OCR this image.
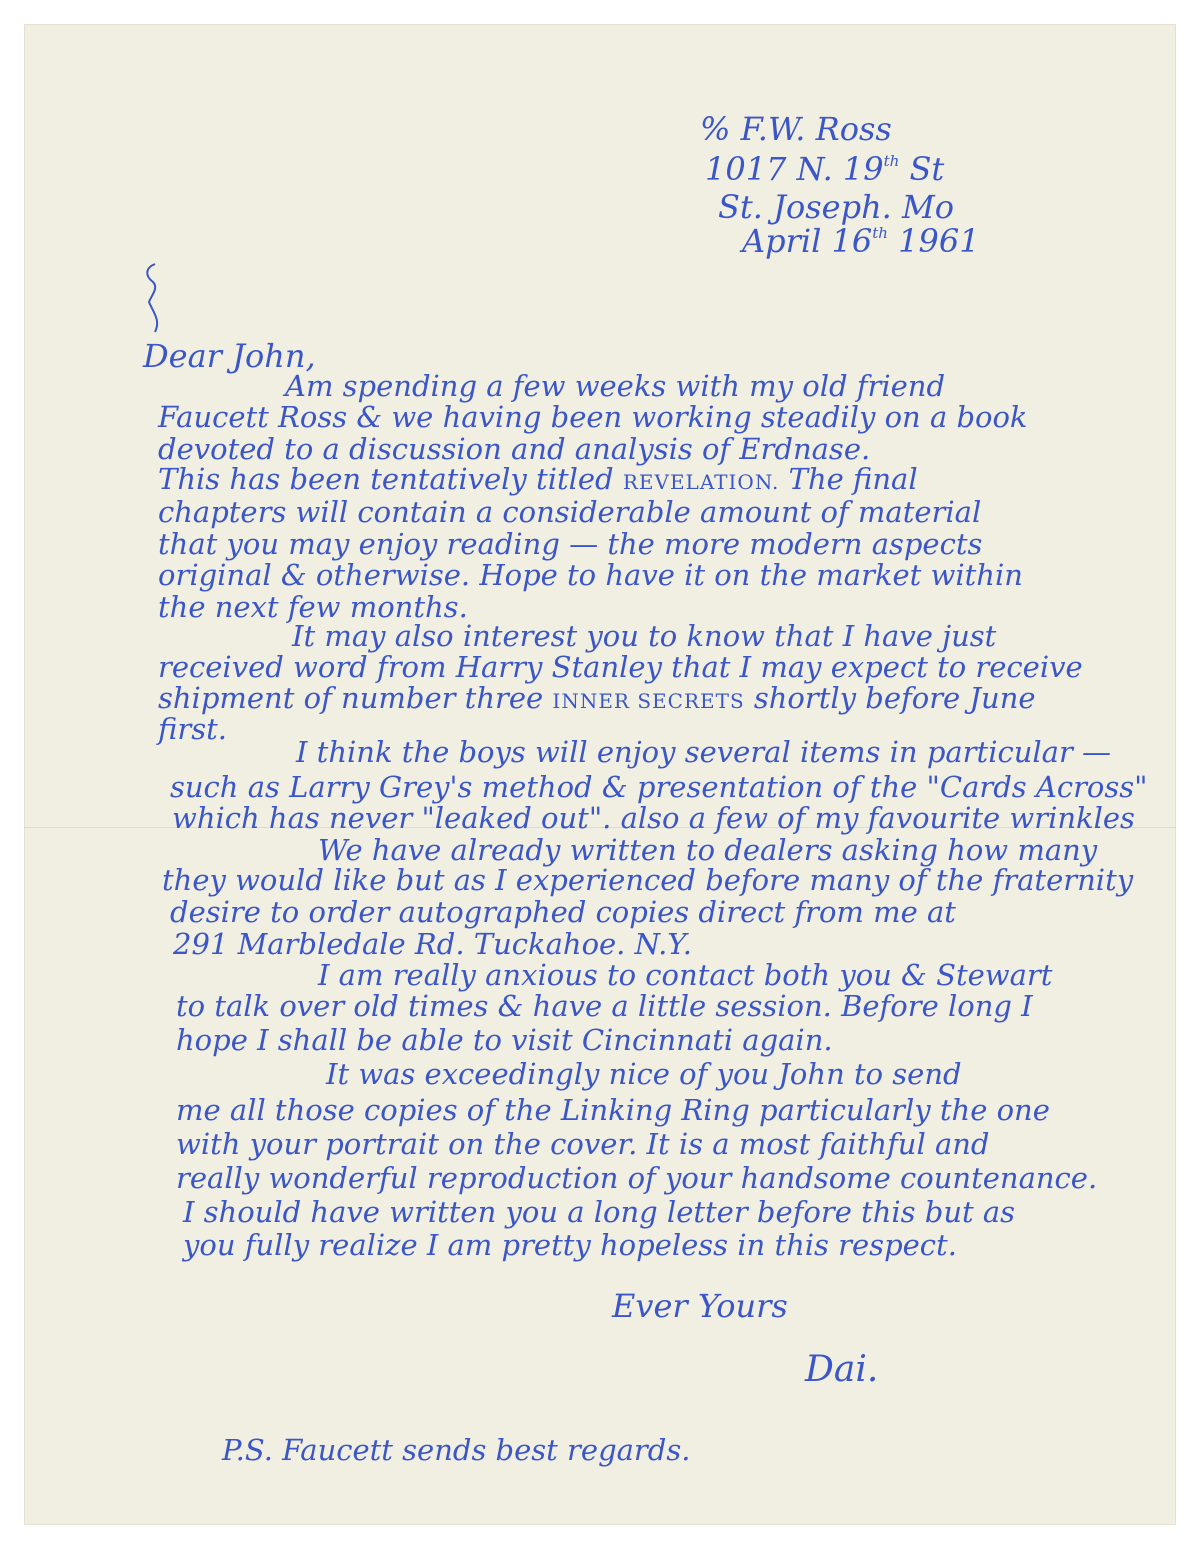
% F.W. Ross
1017 N. 19th St
St. Joseph. Mo
April 16th 1961
Dear John,
Am spending a few weeks with my old friend
Faucett Ross & we having been working steadily on a book
devoted to a discussion and analysis of Erdnase.
This has been tentatively titled REVELATION. The final
chapters will contain a considerable amount of material
that you may enjoy reading — the more modern aspects
original & otherwise. Hope to have it on the market within
the next few months.
It may also interest you to know that I have just
received word from Harry Stanley that I may expect to receive
shipment of number three INNER SECRETS shortly before June
first.
I think the boys will enjoy several items in particular —
such as Larry Grey's method & presentation of the "Cards Across"
which has never "leaked out". also a few of my favourite wrinkles
We have already written to dealers asking how many
they would like but as I experienced before many of the fraternity
desire to order autographed copies direct from me at
291 Marbledale Rd. Tuckahoe. N.Y.
I am really anxious to contact both you & Stewart
to talk over old times & have a little session. Before long I
hope I shall be able to visit Cincinnati again.
It was exceedingly nice of you John to send
me all those copies of the Linking Ring particularly the one
with your portrait on the cover. It is a most faithful and
really wonderful reproduction of your handsome countenance.
I should have written you a long letter before this but as
you fully realize I am pretty hopeless in this respect.
Ever Yours
Dai.
P.S. Faucett sends best regards.
